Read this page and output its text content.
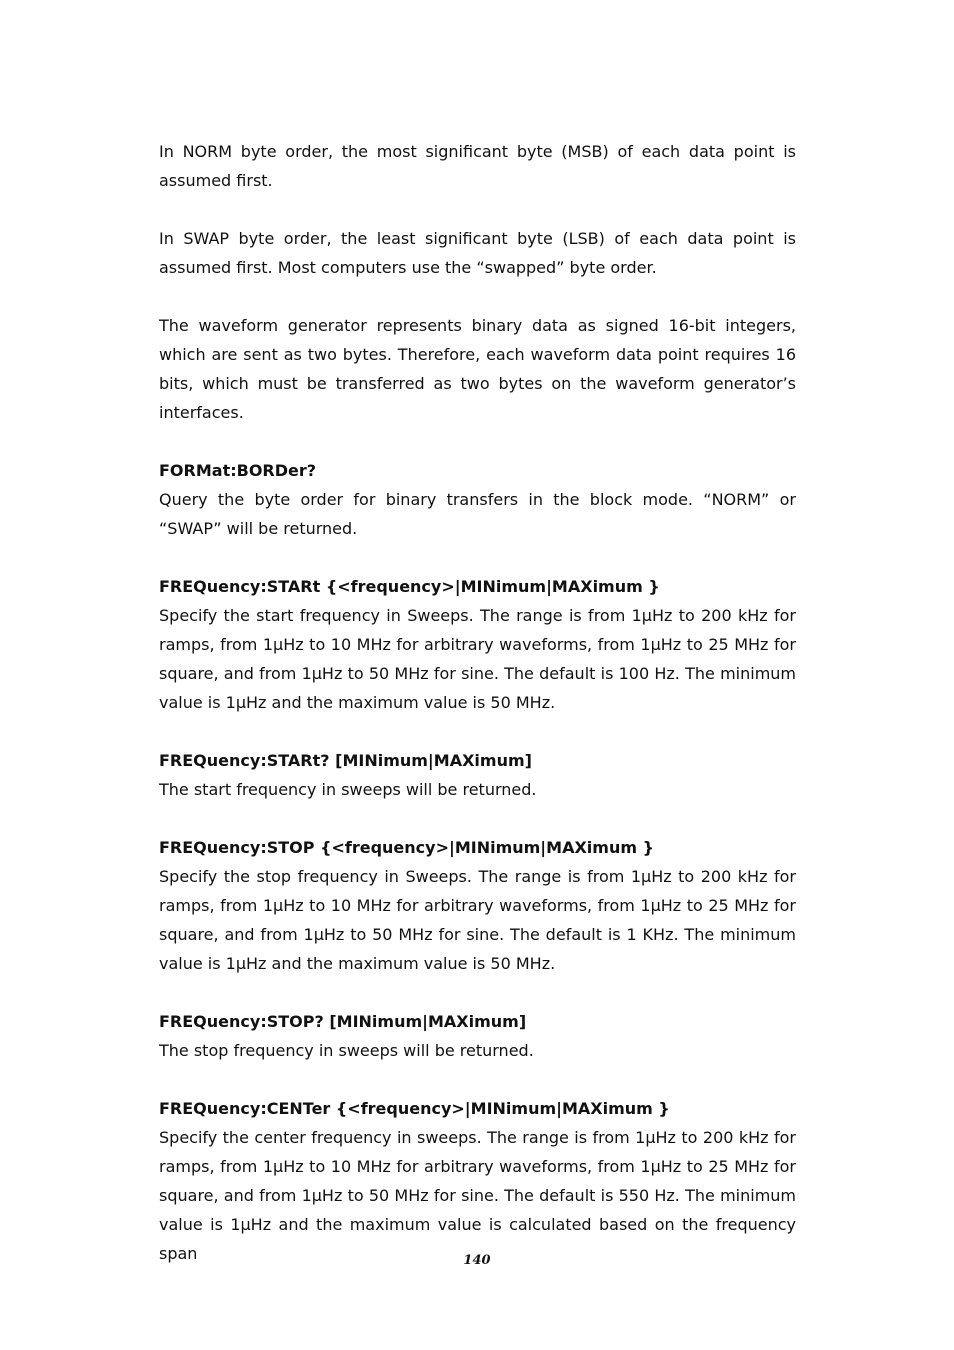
In NORM byte order, the most significant byte (MSB) of each data point is assumed first.

In SWAP byte order, the least significant byte (LSB) of each data point is assumed first. Most computers use the “swapped” byte order.

The waveform generator represents binary data as signed 16-bit integers, which are sent as two bytes. Therefore, each waveform data point requires 16 bits, which must be transferred as two bytes on the waveform generator’s interfaces.

FORMat:BORDer?

Query the byte order for binary transfers in the block mode. “NORM” or “SWAP” will be returned.

FREQuency:STARt {<frequency>|MINimum|MAXimum }

Specify the start frequency in Sweeps. The range is from 1μHz to 200 kHz for ramps, from 1μHz to 10 MHz for arbitrary waveforms, from 1μHz to 25 MHz for square, and from 1μHz to 50 MHz for sine. The default is 100 Hz. The minimum value is 1μHz and the maximum value is 50 MHz.

FREQuency:STARt? [MINimum|MAXimum]

The start frequency in sweeps will be returned.

FREQuency:STOP {<frequency>|MINimum|MAXimum }

Specify the stop frequency in Sweeps. The range is from 1μHz to 200 kHz for ramps, from 1μHz to 10 MHz for arbitrary waveforms, from 1μHz to 25 MHz for square, and from 1μHz to 50 MHz for sine. The default is 1 KHz. The minimum value is 1μHz and the maximum value is 50 MHz.

FREQuency:STOP? [MINimum|MAXimum]

The stop frequency in sweeps will be returned.

FREQuency:CENTer {<frequency>|MINimum|MAXimum }

Specify the center frequency in sweeps. The range is from 1μHz to 200 kHz for ramps, from 1μHz to 10 MHz for arbitrary waveforms, from 1μHz to 25 MHz for square, and from 1μHz to 50 MHz for sine. The default is 550 Hz. The minimum value is 1μHz and the maximum value is calculated based on the frequency span	140
